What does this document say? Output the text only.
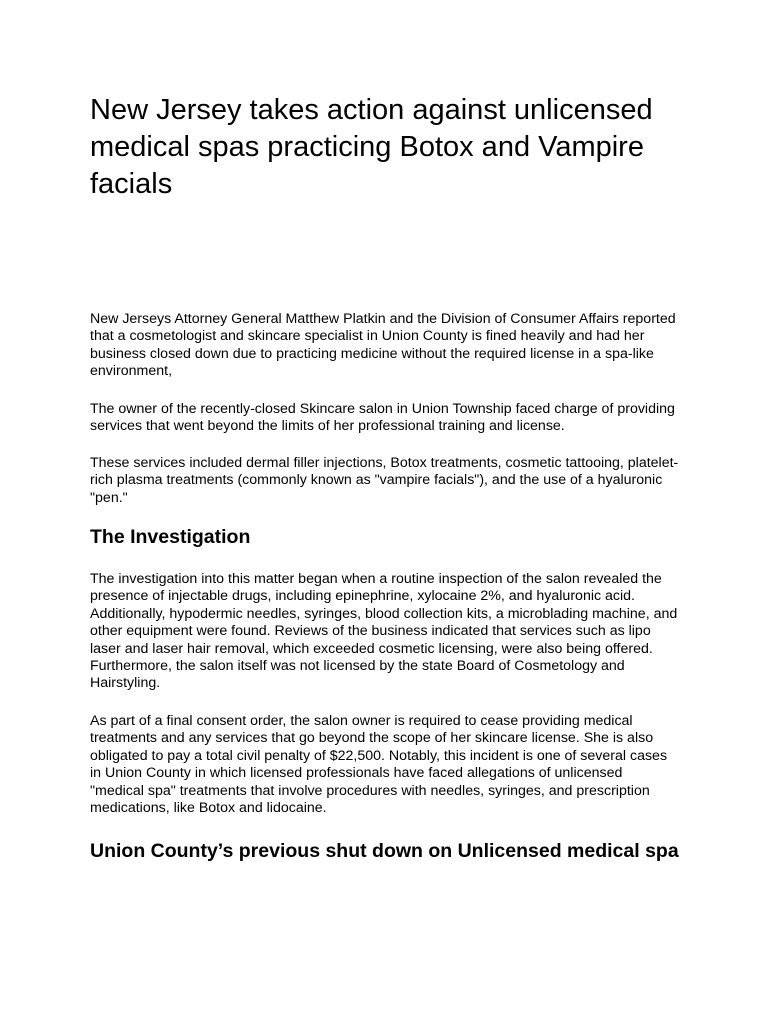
New Jersey takes action against unlicensed medical spas practicing Botox and Vampire facials

New Jerseys Attorney General Matthew Platkin and the Division of Consumer Affairs reported that a cosmetologist and skincare specialist in Union County is fined heavily and had her business closed down due to practicing medicine without the required license in a spa-like environment,

The owner of the recently-closed Skincare salon in Union Township faced charge of providing services that went beyond the limits of her professional training and license.

These services included dermal filler injections, Botox treatments, cosmetic tattooing, platelet-rich plasma treatments (commonly known as "vampire facials"), and the use of a hyaluronic "pen."

The Investigation

The investigation into this matter began when a routine inspection of the salon revealed the presence of injectable drugs, including epinephrine, xylocaine 2%, and hyaluronic acid. Additionally, hypodermic needles, syringes, blood collection kits, a microblading machine, and other equipment were found. Reviews of the business indicated that services such as lipo laser and laser hair removal, which exceeded cosmetic licensing, were also being offered. Furthermore, the salon itself was not licensed by the state Board of Cosmetology and Hairstyling.

As part of a final consent order, the salon owner is required to cease providing medical treatments and any services that go beyond the scope of her skincare license. She is also obligated to pay a total civil penalty of $22,500. Notably, this incident is one of several cases in Union County in which licensed professionals have faced allegations of unlicensed "medical spa" treatments that involve procedures with needles, syringes, and prescription medications, like Botox and lidocaine.

Union County’s previous shut down on Unlicensed medical spa
